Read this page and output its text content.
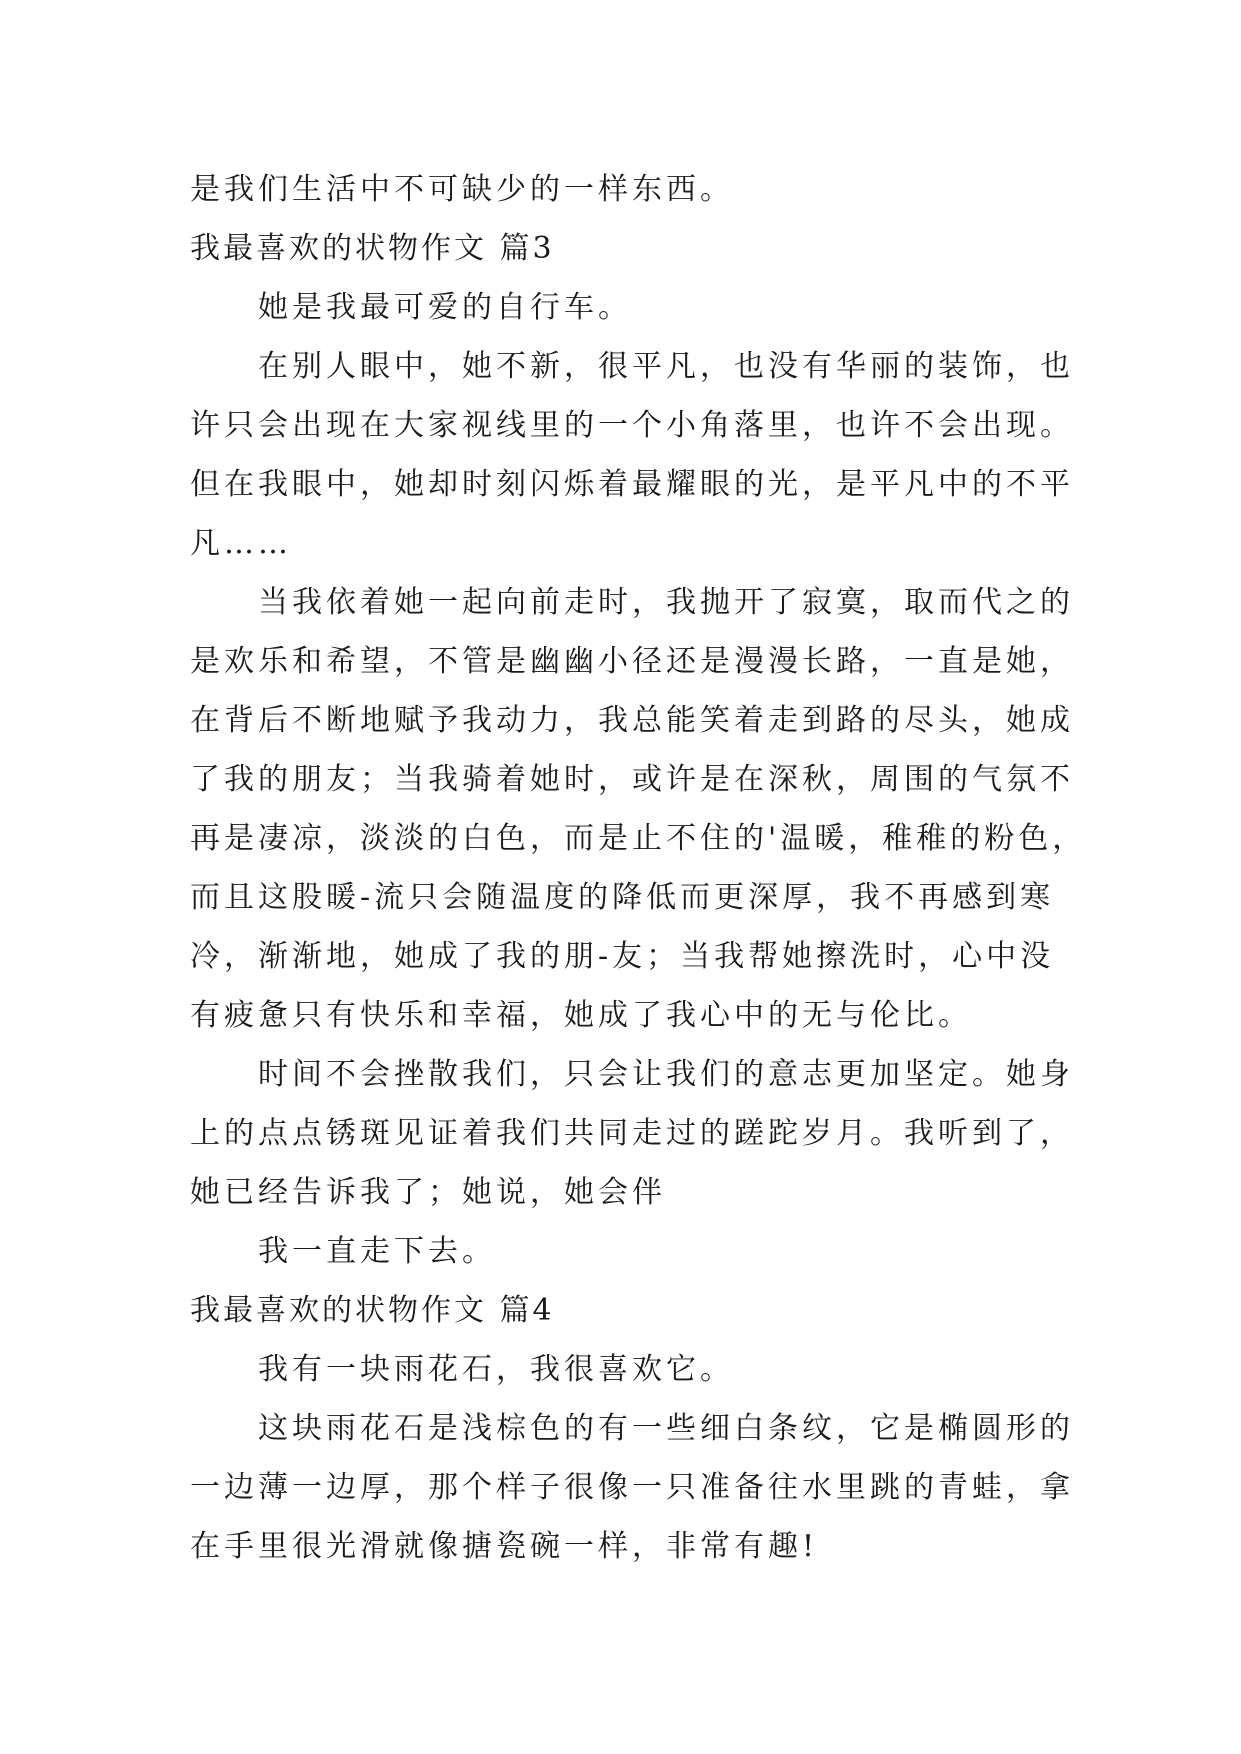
是我们生活中不可缺少的一样东西。
我最喜欢的状物作文 篇3
她是我最可爱的自行车。
在别人眼中，她不新，很平凡，也没有华丽的装饰，也
许只会出现在大家视线里的一个小角落里，也许不会出现。
但在我眼中，她却时刻闪烁着最耀眼的光，是平凡中的不平
凡……
当我依着她一起向前走时，我抛开了寂寞，取而代之的
是欢乐和希望，不管是幽幽小径还是漫漫长路，一直是她，
在背后不断地赋予我动力，我总能笑着走到路的尽头，她成
了我的朋友；当我骑着她时，或许是在深秋，周围的气氛不
再是凄凉，淡淡的白色，而是止不住的'温暖，稚稚的粉色，
而且这股暖-流只会随温度的降低而更深厚，我不再感到寒
冷，渐渐地，她成了我的朋-友；当我帮她擦洗时，心中没
有疲惫只有快乐和幸福，她成了我心中的无与伦比。
时间不会挫散我们，只会让我们的意志更加坚定。她身
上的点点锈斑见证着我们共同走过的蹉跎岁月。我听到了，
她已经告诉我了；她说，她会伴
我一直走下去。
我最喜欢的状物作文 篇4
我有一块雨花石，我很喜欢它。
这块雨花石是浅棕色的有一些细白条纹，它是椭圆形的
一边薄一边厚，那个样子很像一只准备往水里跳的青蛙，拿
在手里很光滑就像搪瓷碗一样，非常有趣!
